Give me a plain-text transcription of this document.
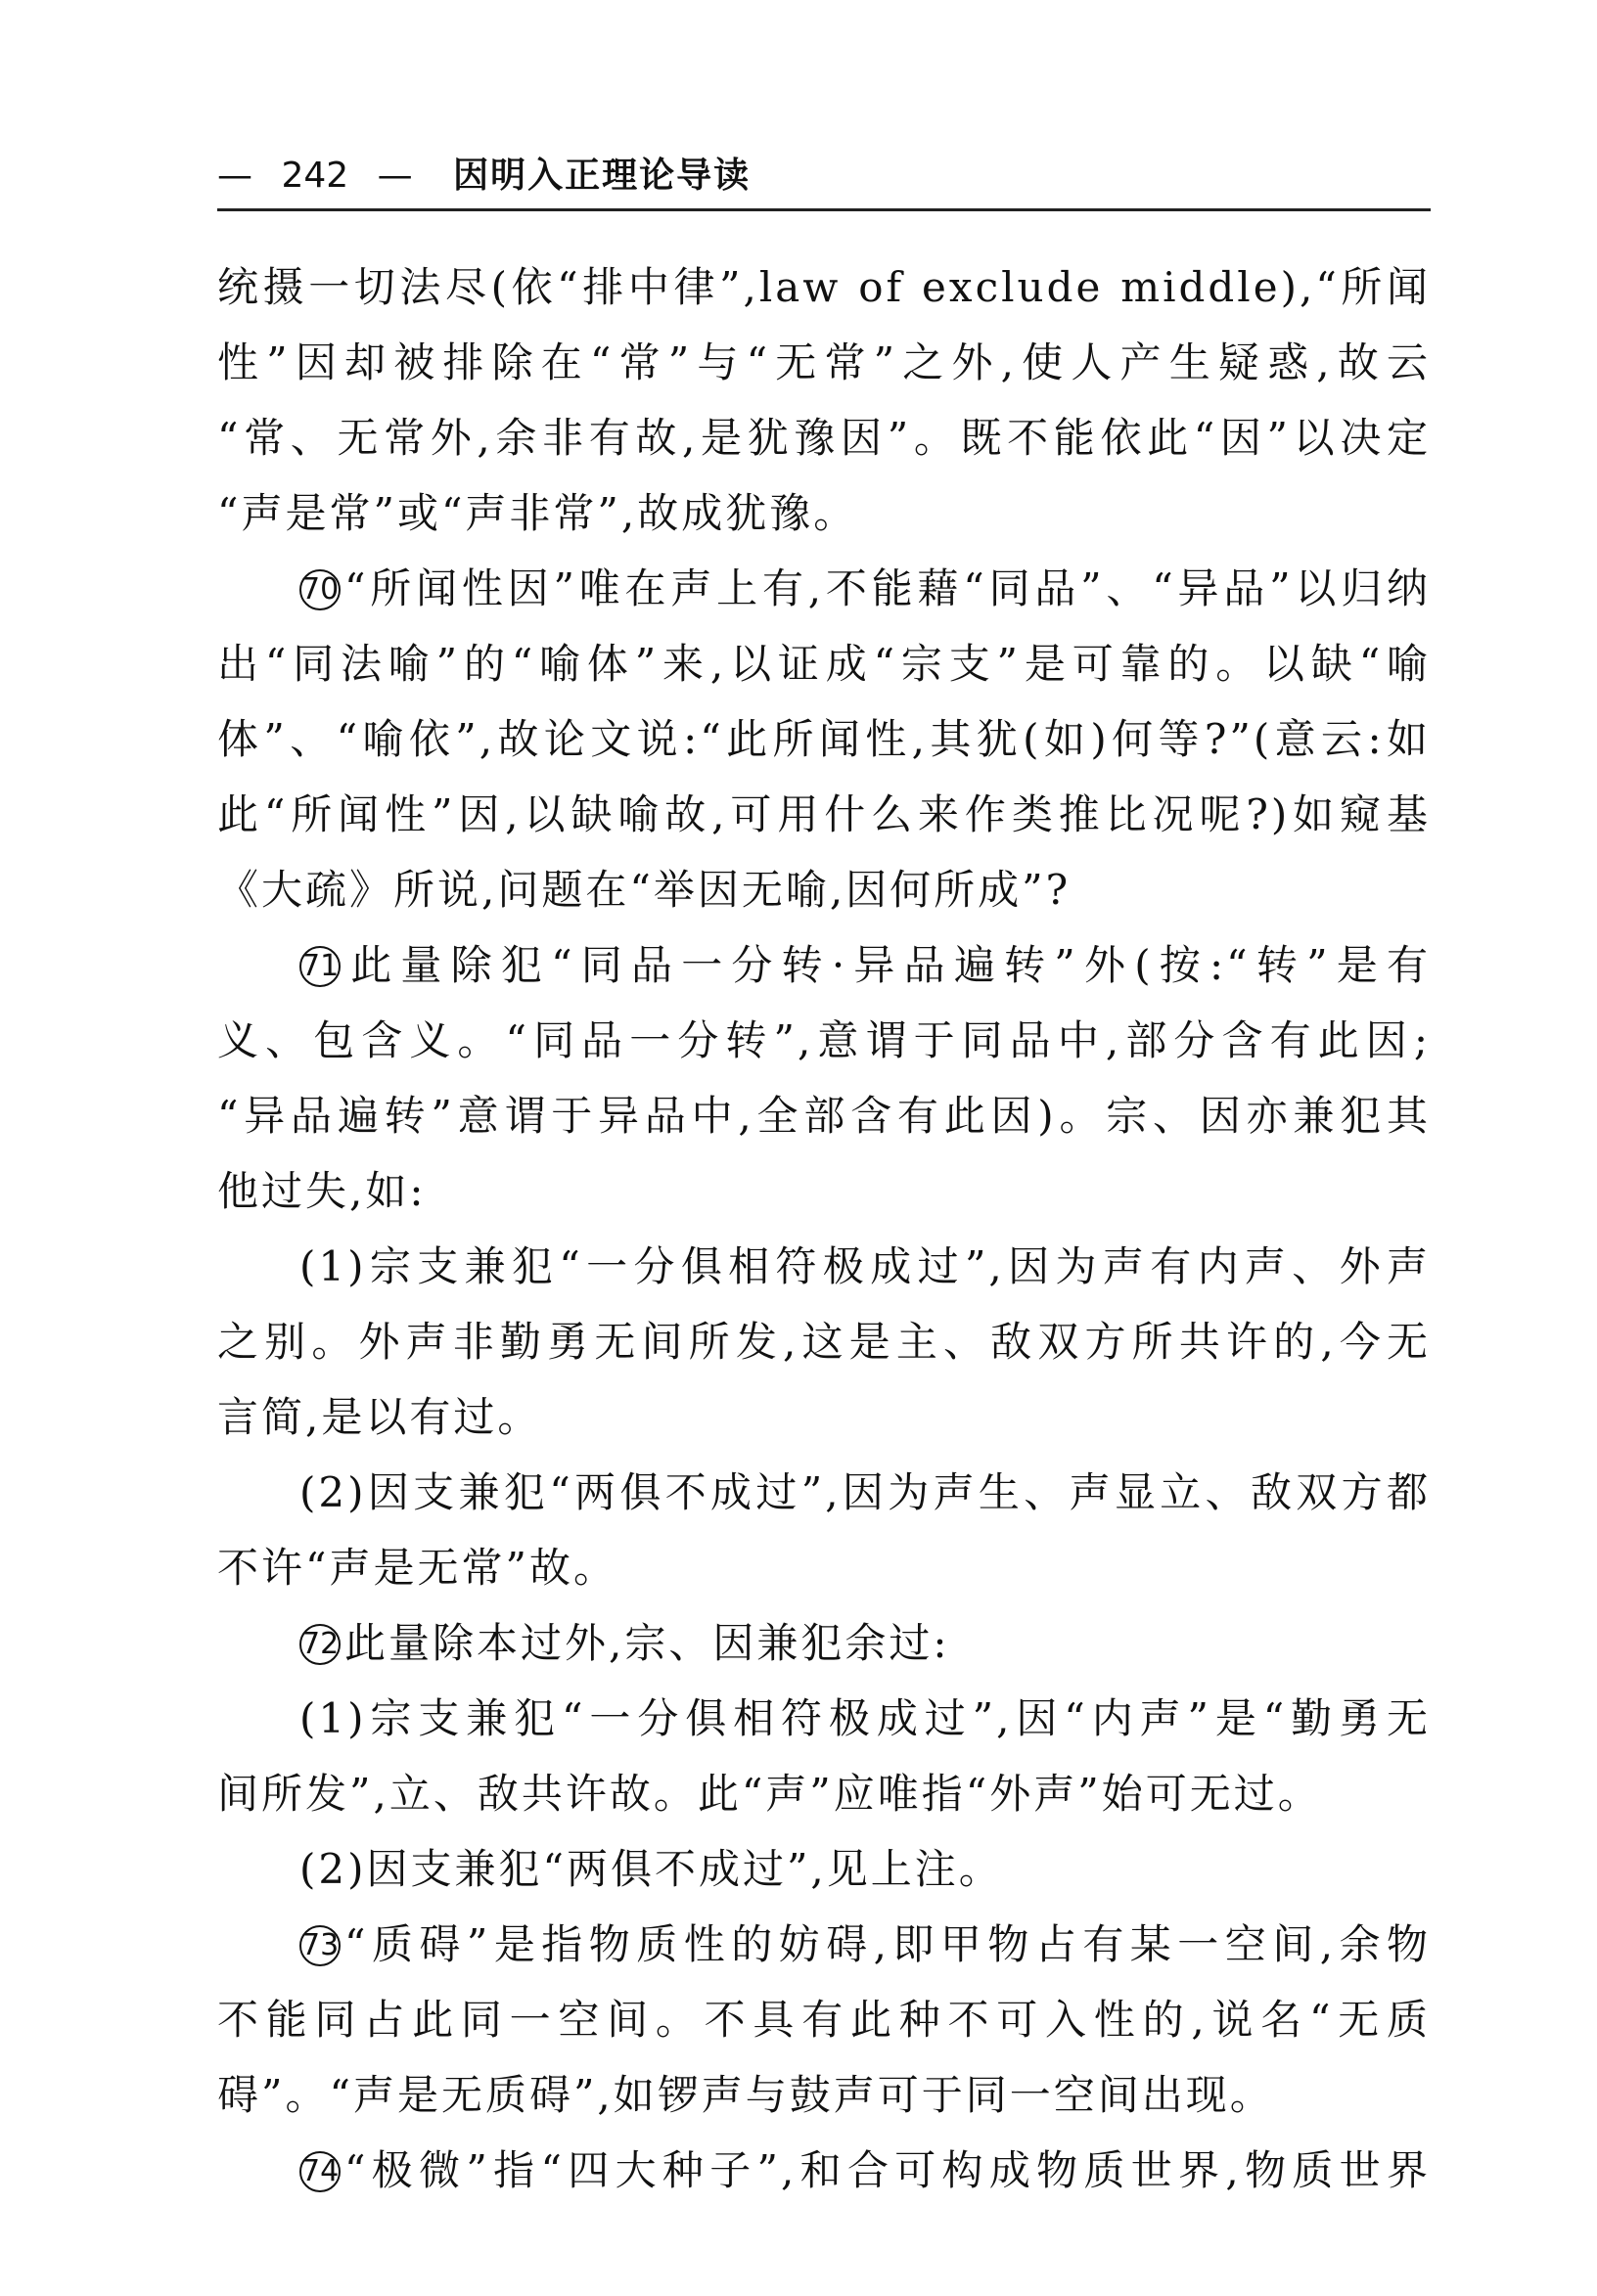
— 242 — 因明入正理论导读
统摄一切法尽(依“排中律”,law of exclude middle),“所闻
性”因却被排除在“常”与“无常”之外,使人产生疑惑,故云
“常、无常外,余非有故,是犹豫因”。既不能依此“因”以决定
“声是常”或“声非常”,故成犹豫。
70 “所闻性因”唯在声上有,不能藉“同品”、“异品”以归纳
出“同法喻”的“喻体”来,以证成“宗支”是可靠的。以缺“喻
体”、“喻依”,故论文说:“此所闻性,其犹(如)何等?”(意云:如
此“所闻性”因,以缺喻故,可用什么来作类推比况呢?)如窥基
《大疏》所说,问题在“举因无喻,因何所成”?
71 此量除犯“同品一分转·异品遍转”外(按:“转”是有
义、包含义。“同品一分转”,意谓于同品中,部分含有此因;
“异品遍转”意谓于异品中,全部含有此因)。宗、因亦兼犯其
他过失,如:
(1)宗支兼犯“一分俱相符极成过”,因为声有内声、外声
之别。外声非勤勇无间所发,这是主、敌双方所共许的,今无
言简,是以有过。
(2)因支兼犯“两俱不成过”,因为声生、声显立、敌双方都
不许“声是无常”故。
72 此量除本过外,宗、因兼犯余过:
(1)宗支兼犯“一分俱相符极成过”,因“内声”是“勤勇无
间所发”,立、敌共许故。此“声”应唯指“外声”始可无过。
(2)因支兼犯“两俱不成过”,见上注。
73 “质碍”是指物质性的妨碍,即甲物占有某一空间,余物
不能同占此同一空间。不具有此种不可入性的,说名“无质
碍”。“声是无质碍”,如锣声与鼓声可于同一空间出现。
74 “极微”指“四大种子”,和合可构成物质世界,物质世界
